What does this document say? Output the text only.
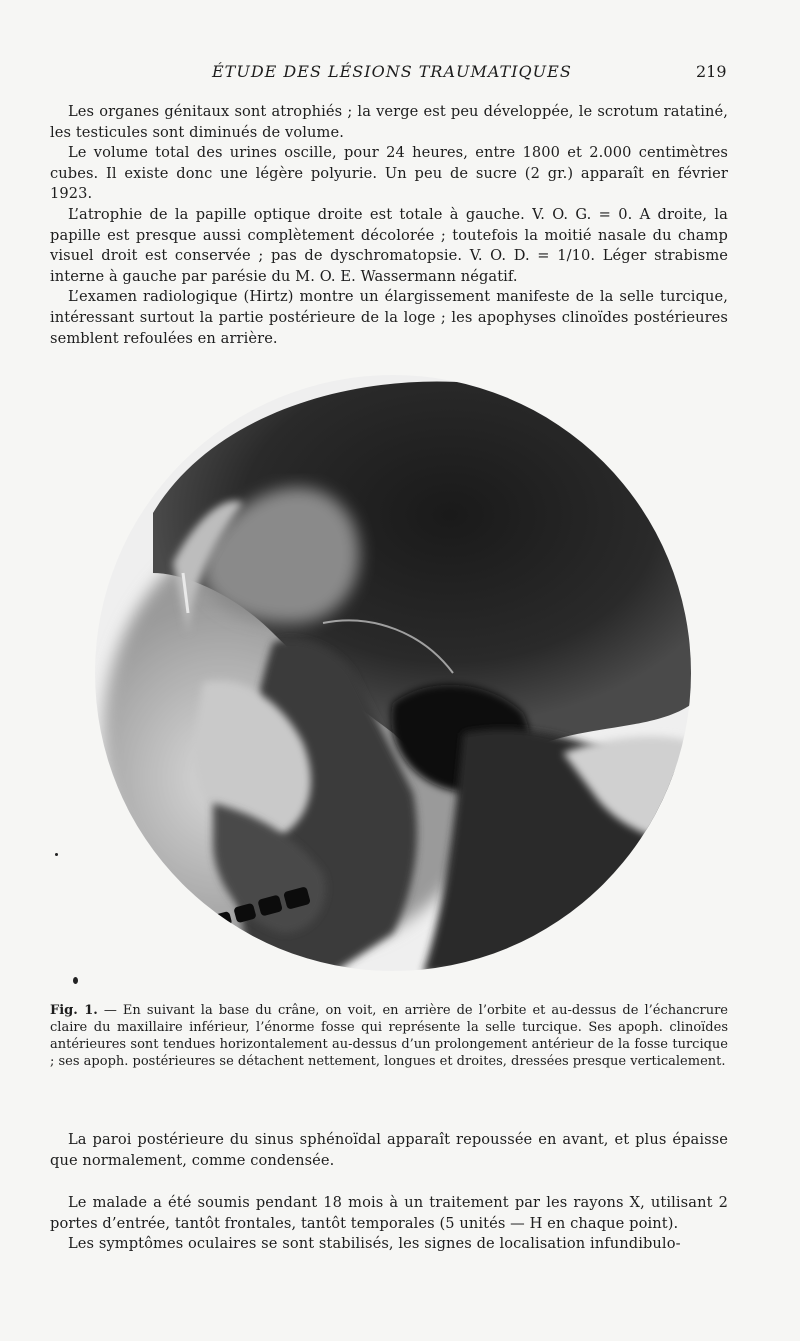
ÉTUDE DES LÉSIONS TRAUMATIQUES	219

Les organes génitaux sont atrophiés ; la verge est peu développée, le scrotum ratatiné, les testicules sont diminués de volume.

Le volume total des urines oscille, pour 24 heures, entre 1800 et 2.000 centimètres cubes. Il existe donc une légère polyurie. Un peu de sucre (2 gr.) apparaît en février 1923.

L’atrophie de la papille optique droite est totale à gauche. V. O. G. = 0. A droite, la papille est presque aussi complètement décolorée ; toutefois la moitié nasale du champ visuel droit est conservée ; pas de dyschromatopsie. V. O. D. = 1/10. Léger strabisme interne à gauche par parésie du M. O. E. Wassermann négatif.

L’examen radiologique (Hirtz) montre un élargissement manifeste de la selle turcique, intéressant surtout la partie postérieure de la loge ; les apophyses clinoïdes postérieures semblent refoulées en arrière.

Fig. 1. — En suivant la base du crâne, on voit, en arrière de l’orbite et au-dessus de l’échancrure claire du maxillaire inférieur, l’énorme fosse qui représente la selle turcique. Ses apoph. clinoïdes antérieures sont tendues horizontalement au-dessus d’un prolongement antérieur de la fosse turcique ; ses apoph. postérieures se détachent nettement, longues et droites, dressées presque verticalement.

La paroi postérieure du sinus sphénoïdal apparaît repoussée en avant, et plus épaisse que normalement, comme condensée.

Le malade a été soumis pendant 18 mois à un traitement par les rayons X, utilisant 2 portes d’entrée, tantôt frontales, tantôt temporales (5 unités — H en chaque point).

Les symptômes oculaires se sont stabilisés, les signes de localisation infundibulo-
